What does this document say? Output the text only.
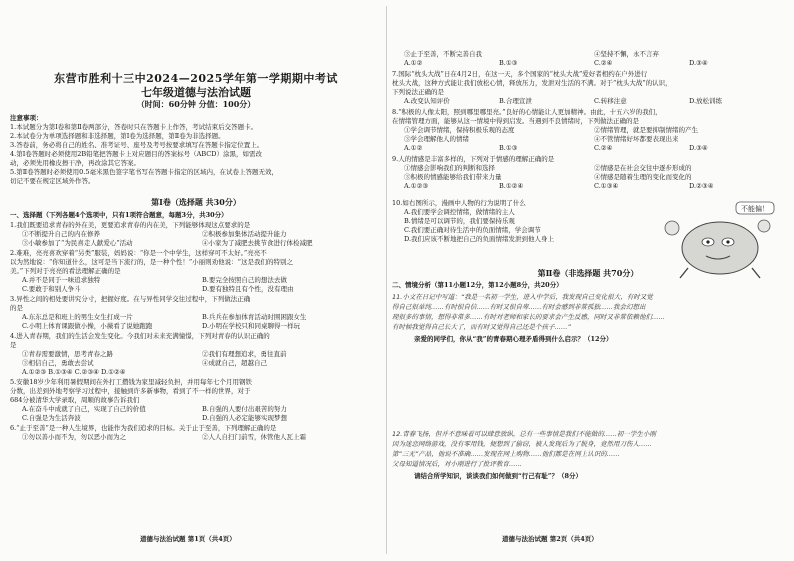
东营市胜利十三中2024—2025学年第一学期期中考试
七年级道德与法治试题
（时间：60分钟 分值：100分）
注意事项：
1.本试题分为第Ⅰ卷和第Ⅱ卷两部分，答卷时只在答题卡上作答，考试结束后交答题卡。
2.本试卷分为单项选择题和非选择题，第Ⅰ卷为选择题，第Ⅱ卷为非选择题。
3.答卷前，务必将自己的姓名、准考证号、座号及考号按要求填写在答题卡指定位置上。
4.第Ⅰ卷答题时必须使用2B铅笔把答题卡上对应题目的答案标号（ABCD）涂黑，如需改
动，必须先用橡皮擦干净，再改涂其它答案。
5.第Ⅱ卷答题时必须使用0.5毫米黑色签字笔书写在答题卡指定的区域内，在试卷上答题无效，
切记不要在规定区域外作答。
第Ⅰ卷（选择题 共30分）
一、选择题（下列各题4个选项中，只有1项符合题意，每题3分，共30分）
1.我们既要追求青春的外在美，更要追求青春的内在美，下列能够体现这点要求的是
①不断提升自己的内在修养	②积极参加集体活动提升能力
③小敏参加了“为民喜走人献爱心”活动	④小家为了减肥去挑节食进行体检减肥
2.难难，亮亮喜欢穿着“另类”服装，妈妈说：“你是一个中学生，这样穿可不太好。”亮亮不
以为然地说：“你知道什么，这可是当下流行的，是一种个性！”小丽则劝他说：“这是我们的特别之
美。”下列对于亮亮的看法理解正确的是
A.并不是同于一味追求独特	B.要完全按照自己的想法去做
C.要敢于和别人争斗	D.要有独特且有个性，没有理由
3.异性之间的相处要讲究分寸，把握好度。在与异性同学交往过程中，下列做法正确
的是
A.东东总是和班上的男生女生打成一片	B.兵兵在参加体育活动时围困跟女生
C.小明上体育课跟做小操，小薇看了说她跑跑	D.小明在学校只和同桌聊得一样玩
4.进入青春期，我们的生活会发生变化。今我们对未来充满憧憬，下列对青春的认识正确的
是
①青春需要激情，思考青春之路	②我们有理想追求，勇往直前
③相信自己，勇敢去尝试	④成就自己，超越自己
A.①②③ B.①③④ C.②③④ D.①②④
5.安徽18岁少年利用暑假期间在外打工攒钱为家里减轻负担，并用每年七个月用钢铁
分数，出差到外地考察学习过程中，接触到许多新事物，看到了不一样的世界，对于
684分被清华大学录取，周顺的故事告诉我们
A.在奋斗中成就了自己，实现了自己的价值	B.自强的人要付出艰苦的努力
C.自强是为生活奔波	D.自强的人必定能够实现梦想
6.“止于至善”是一种人生境界，也能作为我们追求的目标。关于止于至善，下列理解正确的是
①勿以善小而不为，勿以恶小而为之	②人人自扫门前雪，休管他人瓦上霜
道德与法治试题 第1页（共4页）
③止于至善，不断完善自我	④坚持不懈，永不言弃
A.①②	B.①③	C.②④	D.③④
7.国际“枕头大战”日在4月2日，在这一天，多个国家的“枕头大战”爱好者相约在户外进行
枕头大战，这种方式能让我们放松心情，释放压力，发泄对生活的不满。对于“枕头大战”的认识，
下列说法正确的是
A.改变认知评价	B.合理宣泄	C.转移注意	D.放松训练
8.“积极的人像太阳，照到哪里哪里亮。”良好的心情能让人更加精神。由此，十五六岁的我们，
在情绪管理方面，能够从这一情境中得到启发。当遇到不良情绪时，下列做法正确的是
①学会调节情绪，保持积极乐观的态度	②情绪管理，就是要抑制情绪的产生
③学会理解他人的情绪	④不管情绪好坏都要表现出来
A.①②	B.①③	C.②④	D.③④
9.人的情感是丰富多样的，下列对于情感的理解正确的是
①情感会影响我们的判断和选择	②情感是在社会交往中逐步形成的
③积极的情感能够给我们带来力量	④情感是随着生理的变化而变化的
A.①②③	B.①②④	C.①③④	D.②③④
10.如右图所示，漫画中人物的行为说明了什么
A.我们要学会调控情绪，做情绪的主人
B.情绪是可以调节的，我们要保持乐观
C.我们要正确对待生活中的负面情绪，学会调节
D.我们应该不断地把自己的负面情绪发泄到他人身上
不能偏！
第Ⅱ卷（非选择题 共70分）
二、情境分析（第11小题12分，第12小题8分，共20分）
11.小文在日记中写道：“我是一名初一学生，进入中学后，我发现自己变化很大，有时又觉
得自己很单纯……有时很自信……有时又很自卑……有时会感到非常孤独……我会幻想出
现很多的事情，想得非常多……有时对老师和家长的要求会产生反感，同时又非常依赖他们……
有时候我觉得自己长大了，而有时又觉得自己还是个孩子……”
亲爱的同学们，你从“我”的青春期心理矛盾得到什么启示？（12分）
12.青春飞扬，但并不意味着可以肆意放纵，总有一些事情是我们不能做的……初一学生小刚
因为迷恋网络游戏，没有零用钱，便想到了偷窃，被人发现后为了脱身，竟然用刀伤人……
第“三无”产品，他说不准确……发现在网上购物……他们都是在网上认识的……
父母知道情况后，对小刚进行了批评教育……
请结合所学知识，谈谈我们如何做到“行己有耻”？（8分）
道德与法治试题 第2页（共4页）
